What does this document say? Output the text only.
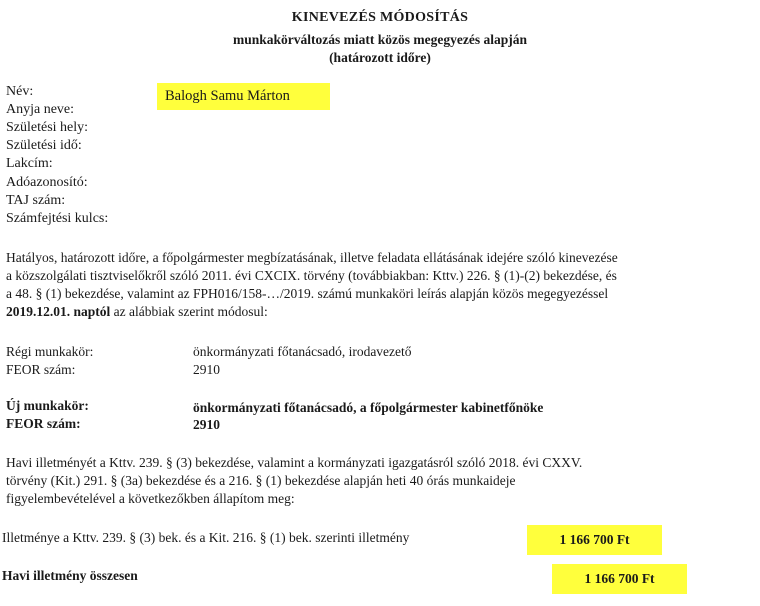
KINEVEZÉS MÓDOSÍTÁS
munkakörváltozás miatt közös megegyezés alapján
(határozott időre)
Név:	Balogh Samu Márton
Anyja neve:
Születési hely:
Születési idő:
Lakcím:
Adóazonosító:
TAJ szám:
Számfejtési kulcs:
Hatályos, határozott időre, a főpolgármester megbízatásának, illetve feladata ellátásának idejére szóló kinevezése
a közszolgálati tisztviselőkről szóló 2011. évi CXCIX. törvény (továbbiakban: Kttv.) 226. § (1)-(2) bekezdése, és
a 48. § (1) bekezdése, valamint az FPH016/158-…/2019. számú munkaköri leírás alapján közös megegyezéssel
2019.12.01. naptól az alábbiak szerint módosul:
Régi munkakör:	önkormányzati főtanácsadó, irodavezető
FEOR szám:	2910
Új munkakör:	önkormányzati főtanácsadó, a főpolgármester kabinetfőnöke
FEOR szám:	2910
Havi illetményét a Kttv. 239. § (3) bekezdése, valamint a kormányzati igazgatásról szóló 2018. évi CXXV.
törvény (Kit.) 291. § (3a) bekezdése és a 216. § (1) bekezdése alapján heti 40 órás munkaideje
figyelembevételével a következőkben állapítom meg:
Illetménye a Kttv. 239. § (3) bek. és a Kit. 216. § (1) bek. szerinti illetmény	1 166 700 Ft
Havi illetmény összesen	1 166 700 Ft
